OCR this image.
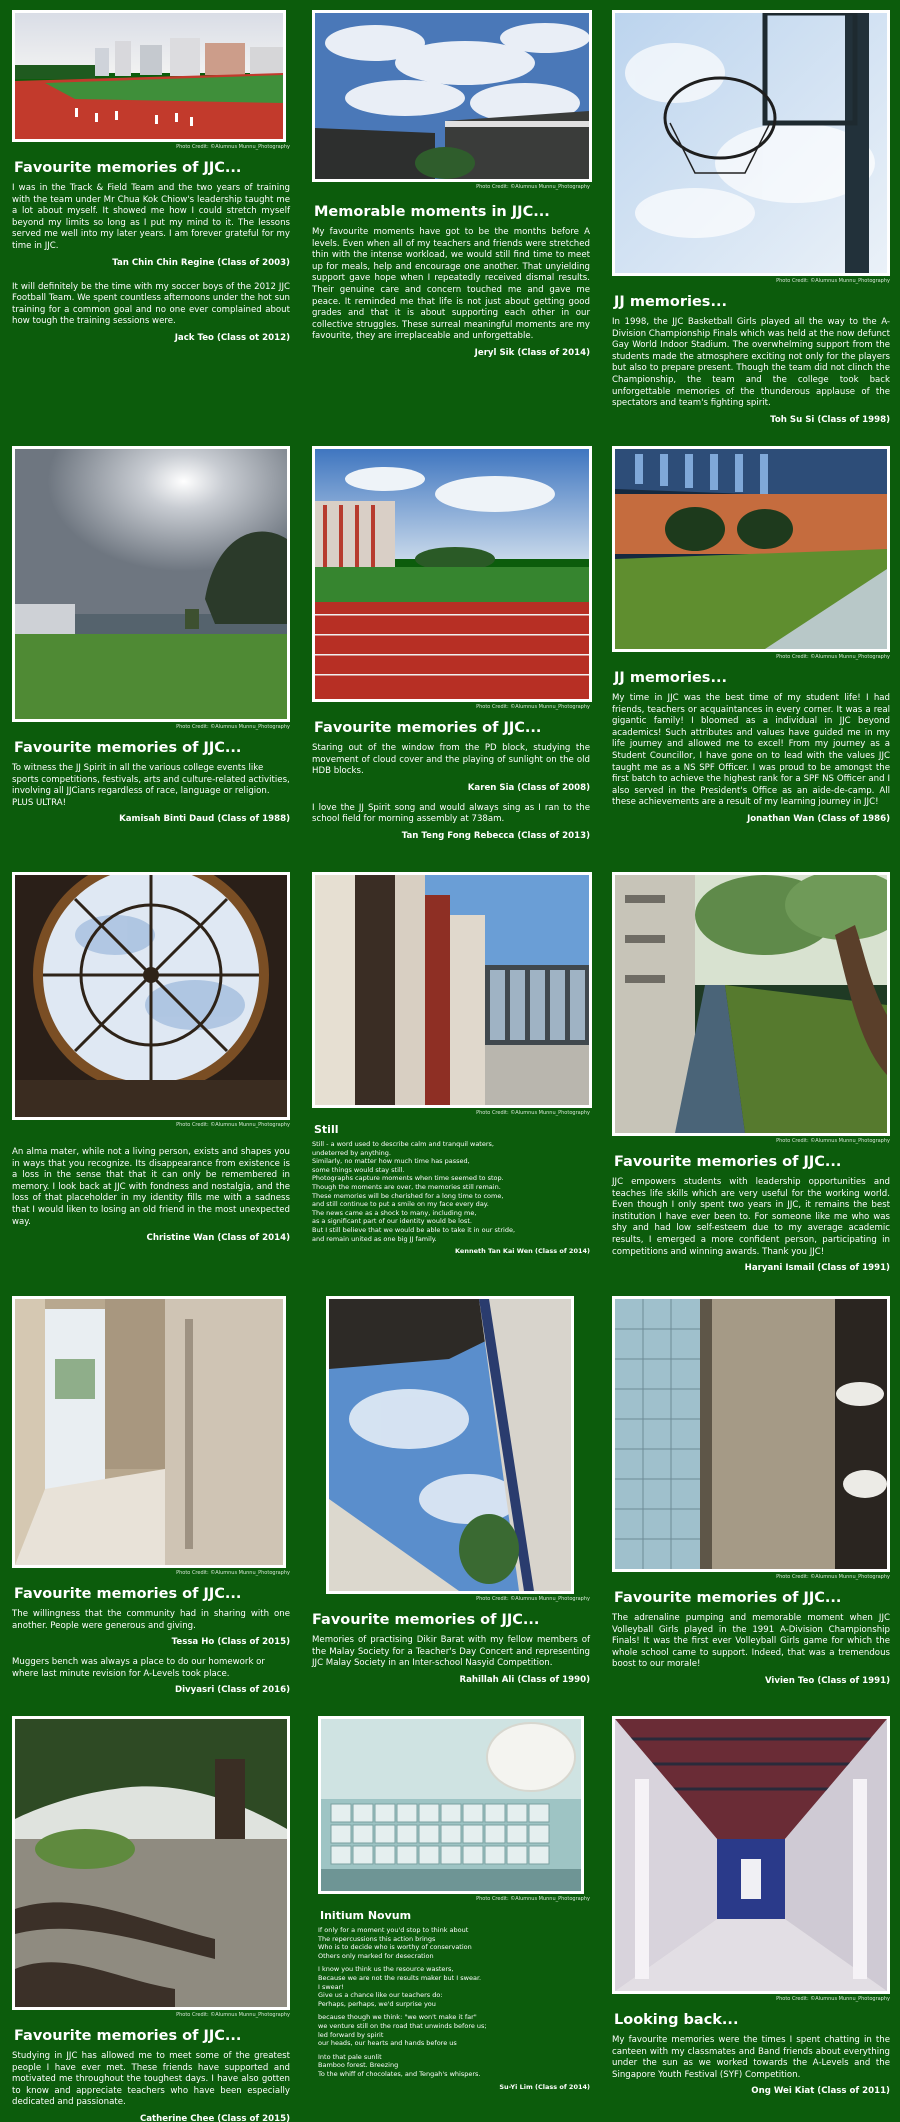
Photo Credit: ©Alumnus Munnu_Photography
Favourite memories of JJC...

I was in the Track & Field Team and the two years of training with the team under Mr Chua Kok Chiow's leadership taught me a lot about myself. It showed me how I could stretch myself beyond my limits so long as I put my mind to it. The lessons served me well into my later years. I am forever grateful for my time in JJC.

Tan Chin Chin Regine (Class of 2003)

It will definitely be the time with my soccer boys of the 2012 JJC Football Team. We spent countless afternoons under the hot sun training for a common goal and no one ever complained about how tough the training sessions were.

Jack Teo (Class ot 2012)
Photo Credit: ©Alumnus Munnu_Photography
Memorable moments in JJC...

My favourite moments have got to be the months before A levels. Even when all of my teachers and friends were stretched thin with the intense workload, we would still find time to meet up for meals, help and encourage one another. That unyielding support gave hope when I repeatedly received dismal results. Their genuine care and concern touched me and gave me peace. It reminded me that life is not just about getting good grades and that it is about supporting each other in our collective struggles. These surreal meaningful moments are my favourite, they are irreplaceable and unforgettable.

Jeryl Sik (Class of 2014)
Photo Credit: ©Alumnus Munnu_Photography
JJ memories...

In 1998, the JJC Basketball Girls played all the way to the A-Division Championship Finals which was held at the now defunct Gay World Indoor Stadium. The overwhelming support from the students made the atmosphere exciting not only for the players but also to prepare present. Though the team did not clinch the Championship, the team and the college took back unforgettable memories of the thunderous applause of the spectators and team's fighting spirit.

Toh Su Si (Class of 1998)
Photo Credit: ©Alumnus Munnu_Photography
Favourite memories of JJC...

To witness the JJ Spirit in all the various college events like sports competitions, festivals, arts and culture-related activities, involving all JJCians regardless of race, language or religion. PLUS ULTRA!

Kamisah Binti Daud (Class of 1988)
Photo Credit: ©Alumnus Munnu_Photography
Favourite memories of JJC...

Staring out of the window from the PD block, studying the movement of cloud cover and the playing of sunlight on the old HDB blocks.

Karen Sia (Class of 2008)

I love the JJ Spirit song and would always sing as I ran to the school field for morning assembly at 738am.

Tan Teng Fong Rebecca (Class of 2013)
Photo Credit: ©Alumnus Munnu_Photography
JJ memories...

My time in JJC was the best time of my student life! I had friends, teachers or acquaintances in every corner. It was a real gigantic family! I bloomed as a individual in JJC beyond academics! Such attributes and values have guided me in my life journey and allowed me to excel! From my journey as a Student Councillor, I have gone on to lead with the values JJC taught me as a NS SPF Officer. I was proud to be amongst the first batch to achieve the highest rank for a SPF NS Officer and I also served in the President's Office as an aide-de-camp. All these achievements are a result of my learning journey in JJC!

Jonathan Wan (Class of 1986)
Photo Credit: ©Alumnus Munnu_Photography

An alma mater, while not a living person, exists and shapes you in ways that you recognize. Its disappearance from existence is a loss in the sense that that it can only be remembered in memory. I look back at JJC with fondness and nostalgia, and the loss of that placeholder in my identity fills me with a sadness that I would liken to losing an old friend in the most unexpected way.

Christine Wan (Class of 2014)
Photo Credit: ©Alumnus Munnu_Photography
Still

Still - a word used to describe calm and tranquil waters,

undeterred by anything.

Similarly, no matter how much time has passed,

some things would stay still.

Photographs capture moments when time seemed to stop.

Though the moments are over, the memories still remain.

These memories will be cherished for a long time to come,

and still continue to put a smile on my face every day.

The news came as a shock to many, including me,

as a significant part of our identity would be lost.

But I still believe that we would be able to take it in our stride,

and remain united as one big JJ family.

Kenneth Tan Kai Wen (Class of 2014)
Photo Credit: ©Alumnus Munnu_Photography
Favourite memories of JJC...

JJC empowers students with leadership opportunities and teaches life skills which are very useful for the working world. Even though I only spent two years in JJC, it remains the best institution I have ever been to. For someone like me who was shy and had low self-esteem due to my average academic results, I emerged a more confident person, participating in competitions and winning awards. Thank you JJC!

Haryani Ismail (Class of 1991)
Photo Credit: ©Alumnus Munnu_Photography
Favourite memories of JJC...

The willingness that the community had in sharing with one another. People were generous and giving.

Tessa Ho (Class of 2015)

Muggers bench was always a place to do our homework or where last minute revision for A-Levels took place.

Divyasri (Class of 2016)
Photo Credit: ©Alumnus Munnu_Photography
Favourite memories of JJC...

Memories of practising Dikir Barat with my fellow members of the Malay Society for a Teacher's Day Concert and representing JJC Malay Society in an Inter-school Nasyid Competition.

Rahillah Ali (Class of 1990)
Photo Credit: ©Alumnus Munnu_Photography
Favourite memories of JJC...

The adrenaline pumping and memorable moment when JJC Volleyball Girls played in the 1991 A-Division Championship Finals! It was the first ever Volleyball Girls game for which the whole school came to support. Indeed, that was a tremendous boost to our morale!

Vivien Teo (Class of 1991)
Photo Credit: ©Alumnus Munnu_Photography
Favourite memories of JJC...

Studying in JJC has allowed me to meet some of the greatest people I have ever met. These friends have supported and motivated me throughout the toughest days. I have also gotten to know and appreciate teachers who have been especially dedicated and passionate.

Catherine Chee (Class of 2015)
Photo Credit: ©Alumnus Munnu_Photography
Initium Novum

If only for a moment you'd stop to think about

The repercussions this action brings

Who is to decide who is worthy of conservation

Others only marked for desecration

I know you think us the resource wasters,

Because we are not the results maker but I swear.

I swear!

Give us a chance like our teachers do:

Perhaps, perhaps, we'd surprise you

because though we think: "we won't make it far"

we venture still on the road that unwinds before us;

led forward by spirit

our heads, our hearts and hands before us

Into that pale sunlit

Bamboo forest. Breezing

To the whiff of chocolates, and Tengah's whispers.

Su-Yi Lim (Class of 2014)
Photo Credit: ©Alumnus Munnu_Photography
Looking back...

My favourite memories were the times I spent chatting in the canteen with my classmates and Band friends about everything under the sun as we worked towards the A-Levels and the Singapore Youth Festival (SYF) Competition.

Ong Wei Kiat (Class of 2011)
